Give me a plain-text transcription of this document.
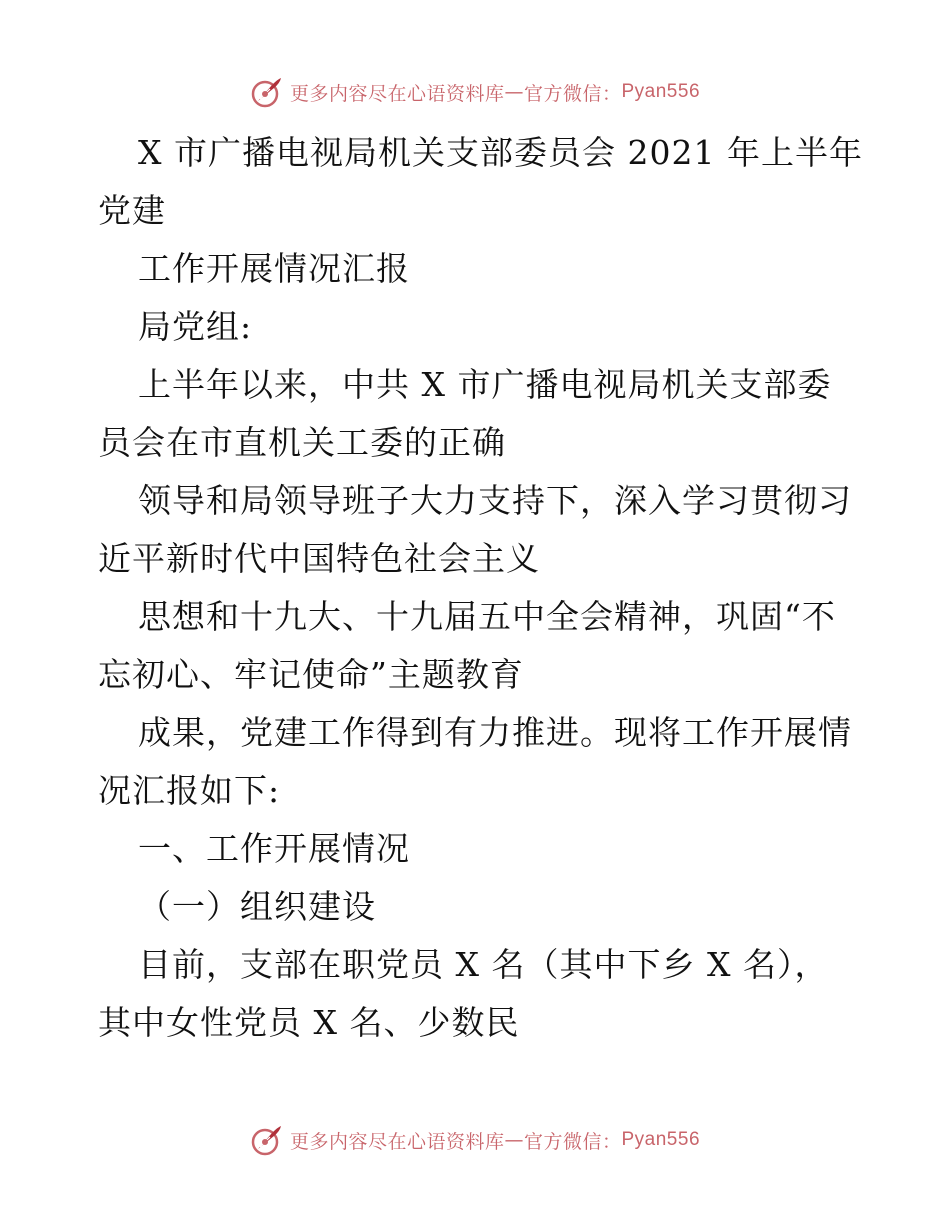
更多内容尽在心语资料库 — 官方微信： Pyan556
X 市广播电视局机关支部委员会 2021 年上半年
党建
工作开展情况汇报
局党组:
上半年以来，中共 X 市广播电视局机关支部委
员会在市直机关工委的正确
领导和局领导班子大力支持下，深入学习贯彻习
近平新时代中国特色社会主义
思想和十九大、十九届五中全会精神，巩固“不
忘初心、牢记使命”主题教育
成果，党建工作得到有力推进。现将工作开展情
况汇报如下:
一、工作开展情况
（一）组织建设
目前，支部在职党员 X 名（其中下乡 X 名），
其中女性党员 X 名、少数民
更多内容尽在心语资料库 — 官方微信： Pyan556
